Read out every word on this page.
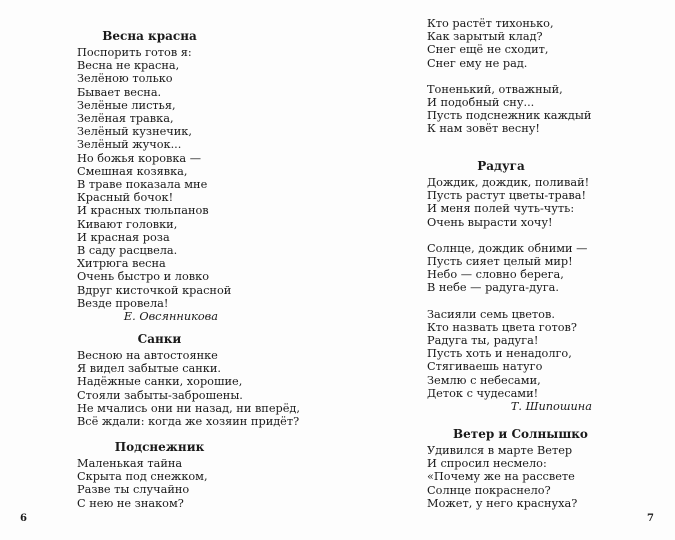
Весна красна
Поспорить готов я:
Весна не красна,
Зелёною только
Бывает весна.
Зелёные листья,
Зелёная травка,
Зелёный кузнечик,
Зелёный жучок...
Но божья коровка —
Смешная козявка,
В траве показала мне
Красный бочок!
И красных тюльпанов
Кивают головки,
И красная роза
В саду расцвела.
Хитрюга весна
Очень быстро и ловко
Вдруг кисточкой красной
Везде провела!
Е. Овсянникова
Санки
Весною на автостоянке
Я видел забытые санки.
Надёжные санки, хорошие,
Стояли забыты-заброшены.
Не мчались они ни назад, ни вперёд,
Всё ждали: когда же хозяин придёт?
Подснежник
Маленькая тайна
Скрыта под снежком,
Разве ты случайно
С нею не знаком?
6
Кто растёт тихонько,
Как зарытый клад?
Снег ещё не сходит,
Снег ему не рад.
Тоненький, отважный,
И подобный сну...
Пусть подснежник каждый
К нам зовёт весну!
Радуга
Дождик, дождик, поливай!
Пусть растут цветы-трава!
И меня полей чуть-чуть:
Очень вырасти хочу!
Солнце, дождик обними —
Пусть сияет целый мир!
Небо — словно берега,
В небе — радуга-дуга.
Засияли семь цветов.
Кто назвать цвета готов?
Радуга ты, радуга!
Пусть хоть и ненадолго,
Стягиваешь натуго
Землю с небесами,
Деток с чудесами!
Т. Шипошина
Ветер и Солнышко
Удивился в марте Ветер
И спросил несмело:
«Почему же на рассвете
Солнце покраснело?
Может, у него краснуха?
7
